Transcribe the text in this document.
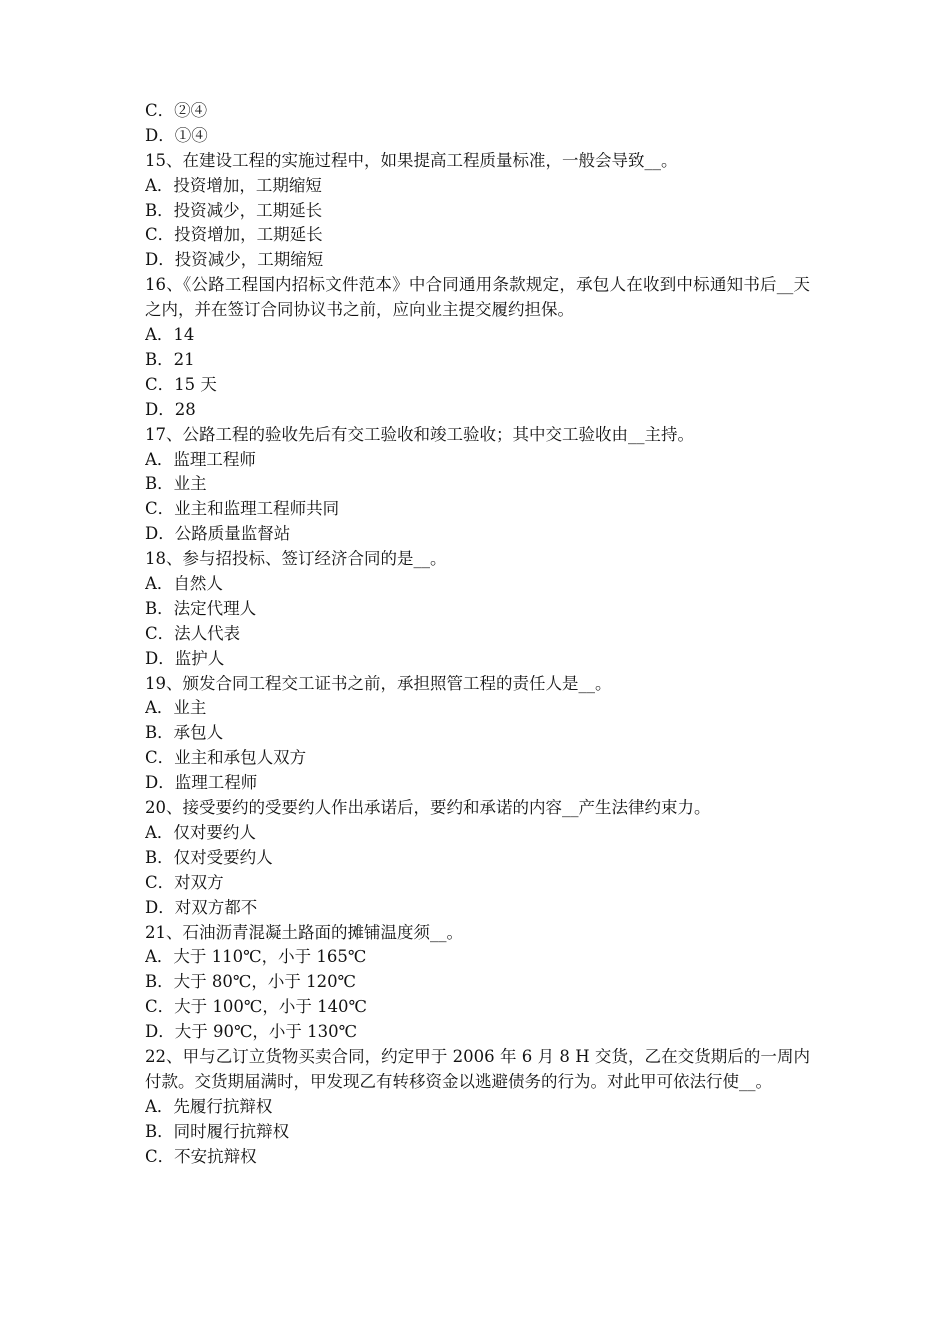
C．②④
D．①④
15、在建设工程的实施过程中，如果提高工程质量标准，一般会导致__。
A．投资增加，工期缩短
B．投资减少，工期延长
C．投资增加，工期延长
D．投资减少，工期缩短
16、《公路工程国内招标文件范本》中合同通用条款规定，承包人在收到中标通知书后__天之内，并在签订合同协议书之前，应向业主提交履约担保。
A．14
B．21
C．15 天
D．28
17、公路工程的验收先后有交工验收和竣工验收；其中交工验收由__主持。
A．监理工程师
B．业主
C．业主和监理工程师共同
D．公路质量监督站
18、参与招投标、签订经济合同的是__。
A．自然人
B．法定代理人
C．法人代表
D．监护人
19、颁发合同工程交工证书之前，承担照管工程的责任人是__。
A．业主
B．承包人
C．业主和承包人双方
D．监理工程师
20、接受要约的受要约人作出承诺后，要约和承诺的内容__产生法律约束力。
A．仅对要约人
B．仅对受要约人
C．对双方
D．对双方都不
21、石油沥青混凝土路面的摊铺温度须__。
A．大于 110℃，小于 165℃
B．大于 80℃，小于 120℃
C．大于 100℃，小于 140℃
D．大于 90℃，小于 130℃
22、甲与乙订立货物买卖合同，约定甲于 2006 年 6 月 8 H 交货，乙在交货期后的一周内付款。交货期届满时，甲发现乙有转移资金以逃避债务的行为。对此甲可依法行使__。
A．先履行抗辩权
B．同时履行抗辩权
C．不安抗辩权
